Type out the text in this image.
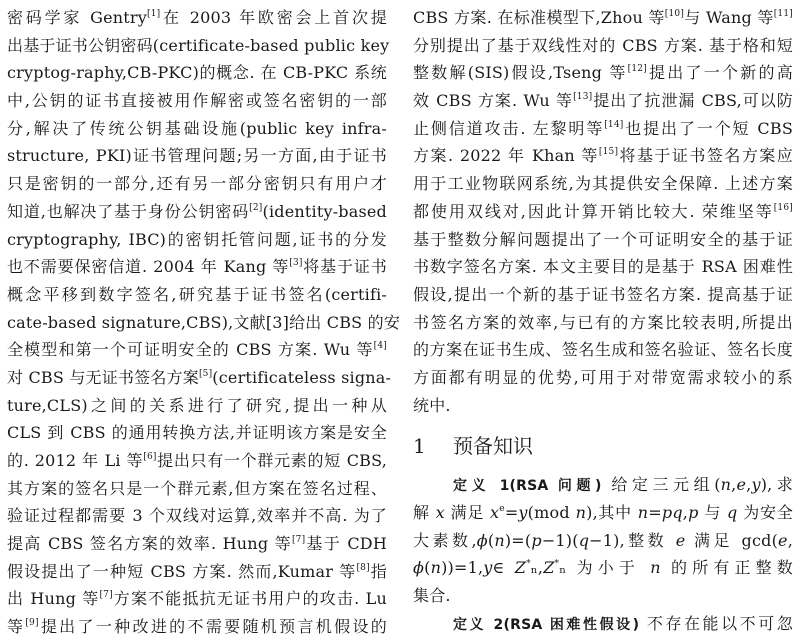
密码学家 Gentry[1]在 2003 年欧密会上首次提
出基于证书公钥密码(certificate-based public key
cryptog-raphy,CB-PKC)的概念. 在 CB-PKC 系统
中,公钥的证书直接被用作解密或签名密钥的一部
分,解决了传统公钥基础设施(public key infra-
structure, PKI)证书管理问题;另一方面,由于证书
只是密钥的一部分,还有另一部分密钥只有用户才
知道,也解决了基于身份公钥密码[2](identity-based
cryptography, IBC)的密钥托管问题,证书的分发
也不需要保密信道. 2004 年 Kang 等[3]将基于证书
概念平移到数字签名,研究基于证书签名(certifi-
cate-based signature,CBS),文献[3]给出 CBS 的安
全模型和第一个可证明安全的 CBS 方案. Wu 等[4]
对 CBS 与无证书签名方案[5](certificateless signa-
ture,CLS)之间的关系进行了研究,提出一种从
CLS 到 CBS 的通用转换方法,并证明该方案是安全
的. 2012 年 Li 等[6]提出只有一个群元素的短 CBS,
其方案的签名只是一个群元素,但方案在签名过程、
验证过程都需要 3 个双线对运算,效率并不高. 为了
提高 CBS 签名方案的效率. Hung 等[7]基于 CDH
假设提出了一种短 CBS 方案. 然而,Kumar 等[8]指
出 Hung 等[7]方案不能抵抗无证书用户的攻击. Lu
等[9]提出了一种改进的不需要随机预言机假设的
CBS 方案. 在标准模型下,Zhou 等[10]与 Wang 等[11]
分别提出了基于双线性对的 CBS 方案. 基于格和短
整数解(SIS)假设,Tseng 等[12]提出了一个新的高
效 CBS 方案. Wu 等[13]提出了抗泄漏 CBS,可以防
止侧信道攻击. 左黎明等[14]也提出了一个短 CBS
方案. 2022 年 Khan 等[15]将基于证书签名方案应
用于工业物联网系统,为其提供安全保障. 上述方案
都使用双线对,因此计算开销比较大. 荣维坚等[16]
基于整数分解问题提出了一个可证明安全的基于证
书数字签名方案. 本文主要目的是基于 RSA 困难性
假设,提出一个新的基于证书签名方案. 提高基于证
书签名方案的效率,与已有的方案比较表明,所提出
的方案在证书生成、签名生成和签名验证、签名长度
方面都有明显的优势,可用于对带宽需求较小的系
统中.
1 预备知识
定义 1(RSA 问题) 给定三元组(n,e,y),求
解 x 满足 $x^e=y(mod$ n),其中 n=pq,p 与 q 为安全
大素数,ϕ(n)=(p−1)(q−1),整数 e 满足 gcd(e,
ϕ(n))=1,y∈ Z*ₙ,Z*ₙ 为小于 n 的所有正整数
集合.
定义 2(RSA 困难性假设) 不存在能以不可忽
